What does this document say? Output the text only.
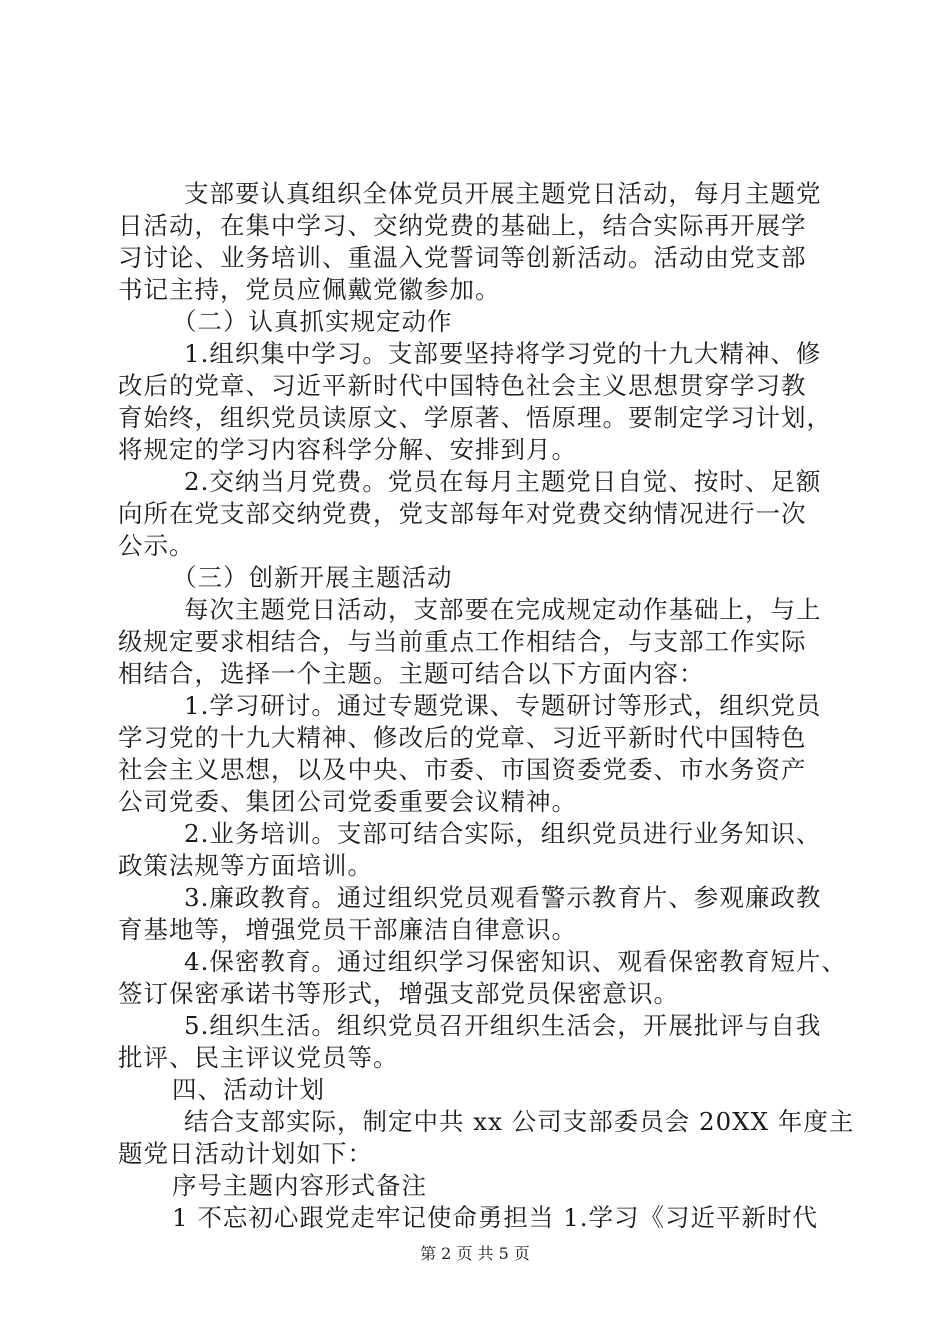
支部要认真组织全体党员开展主题党日活动，每月主题党
日活动，在集中学习、交纳党费的基础上，结合实际再开展学
习讨论、业务培训、重温入党誓词等创新活动。活动由党支部
书记主持，党员应佩戴党徽参加。
（二）认真抓实规定动作
1.组织集中学习。支部要坚持将学习党的十九大精神、修
改后的党章、习近平新时代中国特色社会主义思想贯穿学习教
育始终，组织党员读原文、学原著、悟原理。要制定学习计划，
将规定的学习内容科学分解、安排到月。
2.交纳当月党费。党员在每月主题党日自觉、按时、足额
向所在党支部交纳党费，党支部每年对党费交纳情况进行一次
公示。
（三）创新开展主题活动
每次主题党日活动，支部要在完成规定动作基础上，与上
级规定要求相结合，与当前重点工作相结合，与支部工作实际
相结合，选择一个主题。主题可结合以下方面内容：
1.学习研讨。通过专题党课、专题研讨等形式，组织党员
学习党的十九大精神、修改后的党章、习近平新时代中国特色
社会主义思想，以及中央、市委、市国资委党委、市水务资产
公司党委、集团公司党委重要会议精神。
2.业务培训。支部可结合实际，组织党员进行业务知识、
政策法规等方面培训。
3.廉政教育。通过组织党员观看警示教育片、参观廉政教
育基地等，增强党员干部廉洁自律意识。
4.保密教育。通过组织学习保密知识、观看保密教育短片、
签订保密承诺书等形式，增强支部党员保密意识。
5.组织生活。组织党员召开组织生活会，开展批评与自我
批评、民主评议党员等。
四、活动计划
结合支部实际，制定中共 xx 公司支部委员会 20XX 年度主
题党日活动计划如下：
序号主题内容形式备注
1 不忘初心跟党走牢记使命勇担当 1.学习《习近平新时代
第 2 页 共 5 页
